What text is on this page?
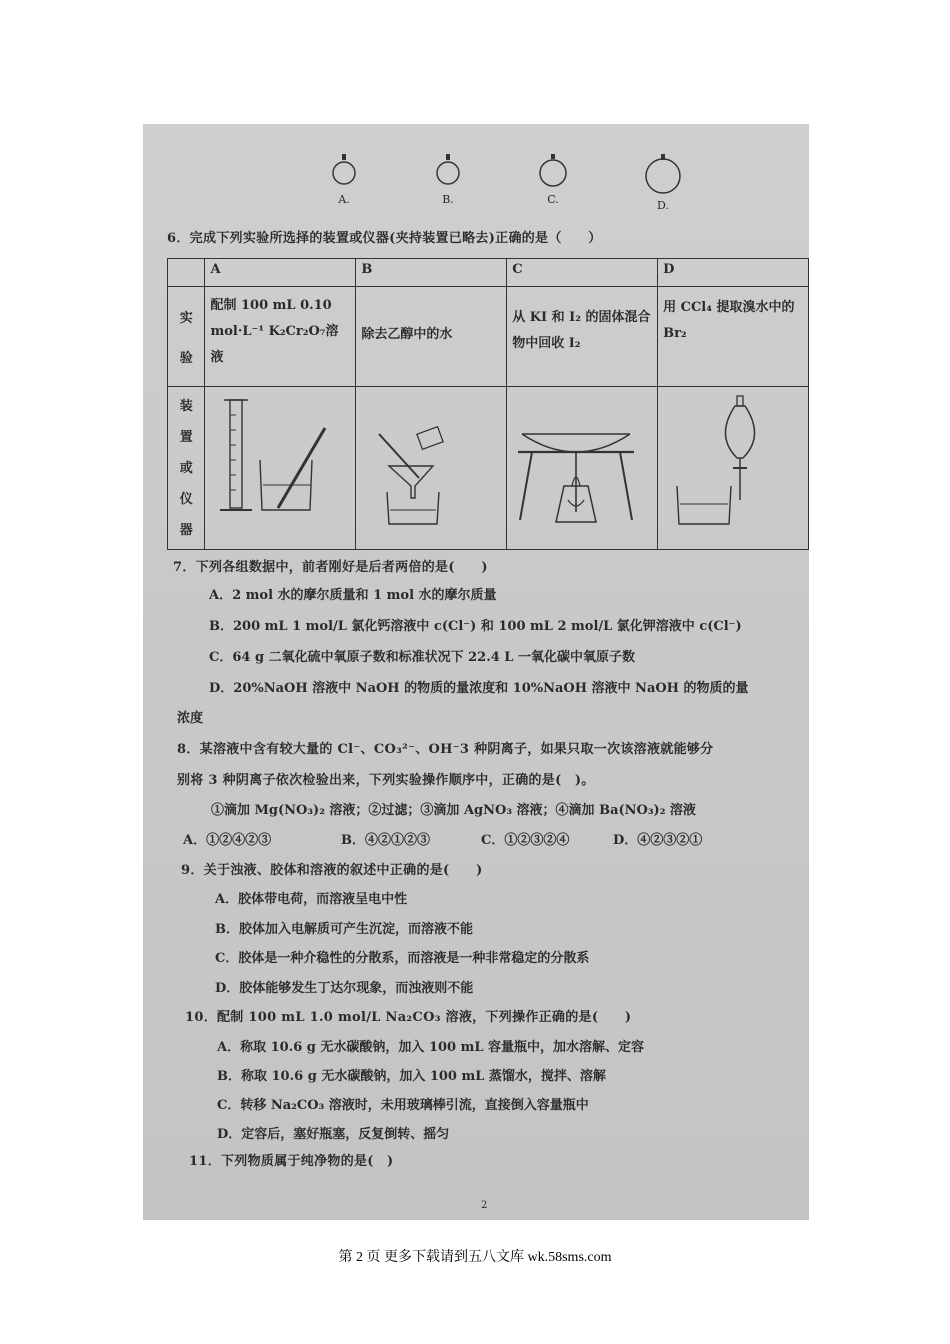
A.	B.	C.	D.

6．完成下列实验所选择的装置或仪器(夹持装置已略去)正确的是（　　）
	A	B	C	D
实
验	配制 100 mL 0.10 mol·L⁻¹ K₂Cr₂O₇溶液	除去乙醇中的水	从 KI 和 I₂ 的固体混合物中回收 I₂	用 CCl₄ 提取溴水中的 Br₂
装
置
或
仪
器				
7．下列各组数据中，前者刚好是后者两倍的是(　　)
A．2 mol 水的摩尔质量和 1 mol 水的摩尔质量
B．200 mL 1 mol/L 氯化钙溶液中 c(Cl⁻) 和 100 mL 2 mol/L 氯化钾溶液中 c(Cl⁻)
C．64 g 二氧化硫中氧原子数和标准状况下 22.4 L 一氧化碳中氧原子数
D．20%NaOH 溶液中 NaOH 的物质的量浓度和 10%NaOH 溶液中 NaOH 的物质的量
浓度
8．某溶液中含有较大量的 Cl⁻、CO₃²⁻、OH⁻3 种阴离子，如果只取一次该溶液就能够分
别将 3 种阴离子依次检验出来，下列实验操作顺序中，正确的是(　)。
①滴加 Mg(NO₃)₂ 溶液；②过滤；③滴加 AgNO₃ 溶液；④滴加 Ba(NO₃)₂ 溶液
A．①②④②③	B．④②①②③	C．①②③②④	D．④②③②①
9．关于浊液、胶体和溶液的叙述中正确的是(　　)
A．胶体带电荷，而溶液呈电中性
B．胶体加入电解质可产生沉淀，而溶液不能
C．胶体是一种介稳性的分散系，而溶液是一种非常稳定的分散系
D．胶体能够发生丁达尔现象，而浊液则不能
10．配制 100 mL 1.0 mol/L Na₂CO₃ 溶液，下列操作正确的是(　　)
A．称取 10.6 g 无水碳酸钠，加入 100 mL 容量瓶中，加水溶解、定容
B．称取 10.6 g 无水碳酸钠，加入 100 mL 蒸馏水，搅拌、溶解
C．转移 Na₂CO₃ 溶液时，未用玻璃棒引流，直接倒入容量瓶中
D．定容后，塞好瓶塞，反复倒转、摇匀
11．下列物质属于纯净物的是(　)
2
第 2 页 更多下载请到五八文库 wk.58sms.com
